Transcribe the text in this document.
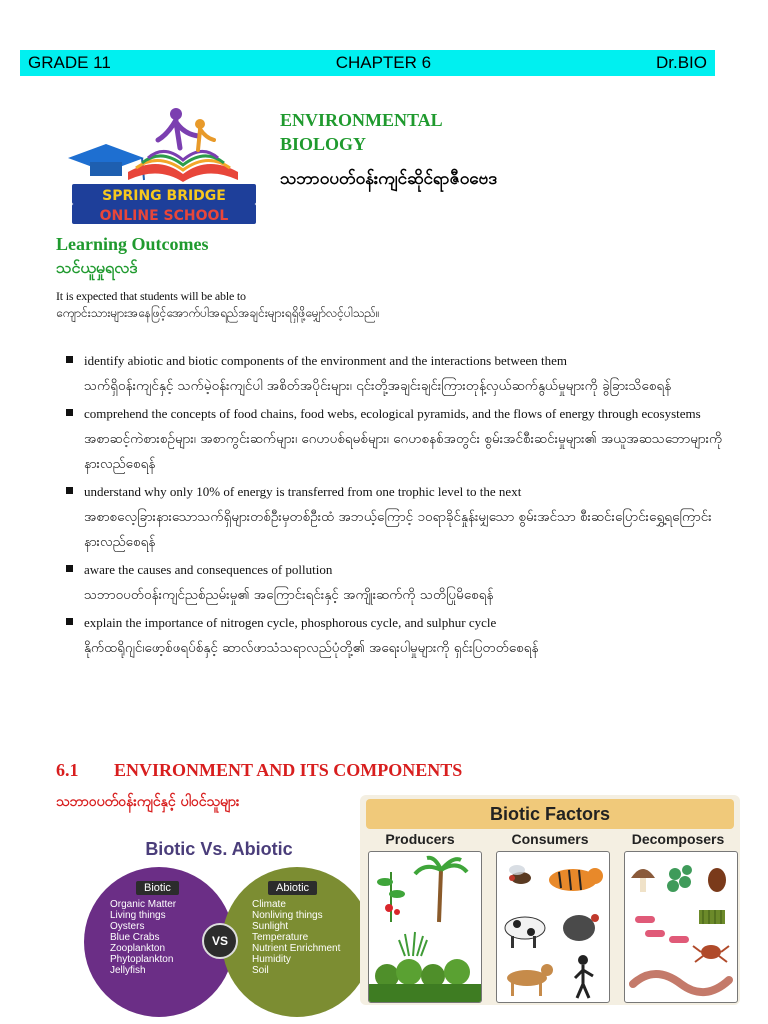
GRADE 11	CHAPTER 6	Dr.BIO
SPRING BRIDGE
ONLINE SCHOOL
ENVIRONMENTAL
BIOLOGY
သဘာဝပတ်ဝန်းကျင်ဆိုင်ရာဇီဝဗေဒ
Learning Outcomes
သင်ယူမှုရလဒ်
It is expected that students will be able to
ကျောင်းသားများအနေဖြင့်အောက်ပါအရည်အချင်းများရရှိဖို့မျှော်လင့်ပါသည်။
identify abiotic and biotic components of the environment and the interactions between them
သက်ရှိဝန်းကျင်နှင့် သက်မဲ့ဝန်းကျင်ပါ အစိတ်အပိုင်းများ၊ ၎င်းတို့အချင်းချင်းကြားတုန့်လှယ်ဆက်နွယ်မှုများကို ခွဲခြားသိစေရန်
comprehend the concepts of food chains, food webs, ecological pyramids, and the flows of energy through ecosystems
အစာဆင့်ကဲစားစဉ်များ၊ အစာကွင်းဆက်များ၊ ဂေဟပစ်ရမစ်များ၊ ဂေဟစနစ်အတွင်း စွမ်းအင်စီးဆင်းမှုများ၏ အယူအဆသဘောများကို နားလည်စေရန်
understand why only 10% of energy is transferred from one trophic level to the next
အစာစလေ့ခြားနားသောသက်ရှိများတစ်ဦးမှတစ်ဦးထံ အဘယ့်ကြောင့် ၁၀ရာခိုင်နှုန်းမျှသော စွမ်းအင်သာ စီးဆင်းပြောင်းရွှေ့ရကြောင်း နားလည်စေရန်
aware the causes and consequences of pollution
သဘာဝပတ်ဝန်းကျင်ညစ်ညမ်းမှု၏ အကြောင်းရင်းနှင့် အကျိုးဆက်ကို သတိပြုမိစေရန်
explain the importance of nitrogen cycle, phosphorous cycle, and sulphur cycle
နိုက်ထရိုဂျင်၊ဖော့စ်ဖရပ်စ်နှင့် ဆာလ်ဖာသံသရာလည်ပုံတို့၏ အရေးပါမှုများကို ရှင်းပြတတ်စေရန်
6.1 ENVIRONMENT AND ITS COMPONENTS
သဘာဝပတ်ဝန်းကျင်နှင့် ပါဝင်သူများ
Biotic Vs. Abiotic
Biotic
Organic Matter
Living things
Oysters
Blue Crabs
Zooplankton
Phytoplankton
Jellyfish
Abiotic
Climate
Nonliving things
Sunlight
Temperature
Nutrient Enrichment
Humidity
Soil
VS
Biotic Factors
Producers	Consumers	Decomposers
